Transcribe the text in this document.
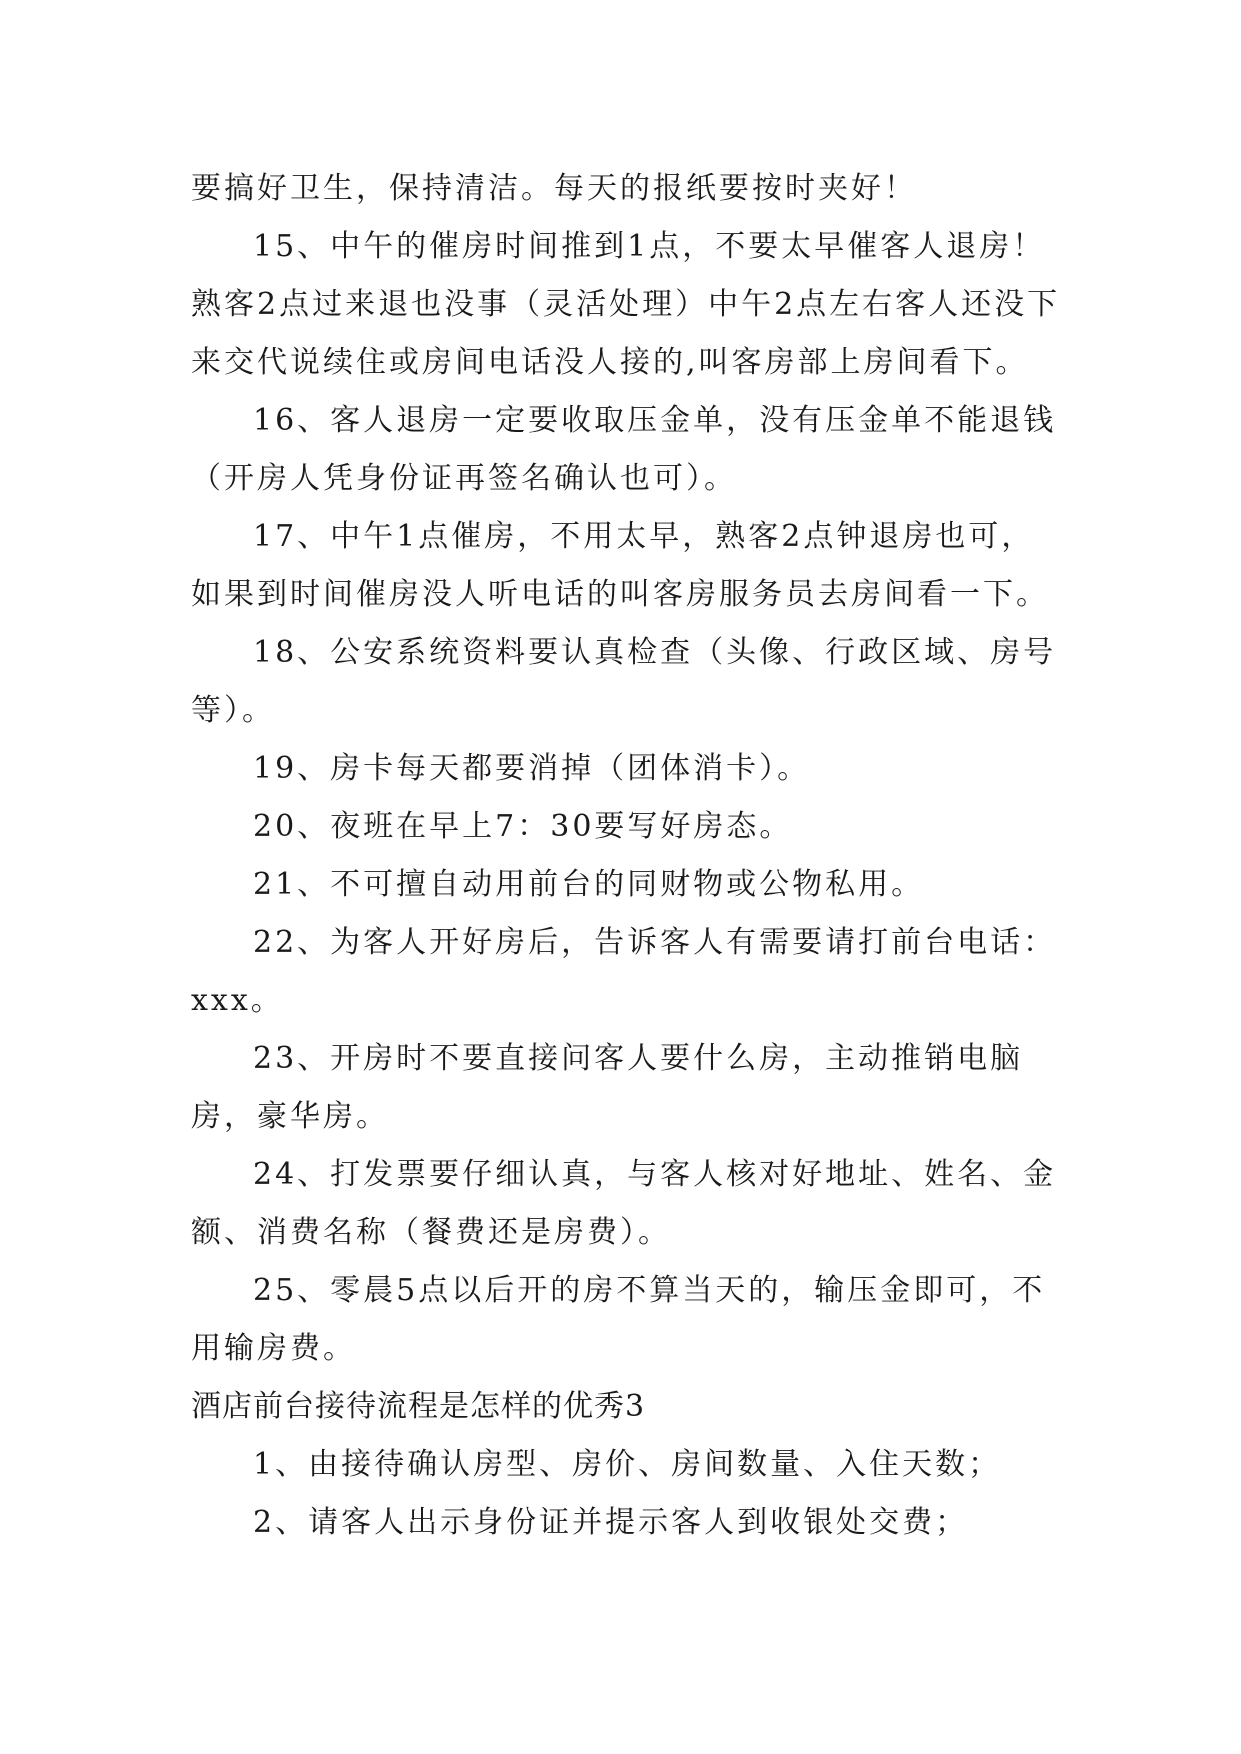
要搞好卫生，保持清洁。每天的报纸要按时夹好！

15、中午的催房时间推到1点，不要太早催客人退房！熟客2点过来退也没事（灵活处理）中午2点左右客人还没下来交代说续住或房间电话没人接的,叫客房部上房间看下。

16、客人退房一定要收取压金单，没有压金单不能退钱（开房人凭身份证再签名确认也可）。

17、中午1点催房，不用太早，熟客2点钟退房也可，如果到时间催房没人听电话的叫客房服务员去房间看一下。

18、公安系统资料要认真检查（头像、行政区域、房号等）。

19、房卡每天都要消掉（团体消卡）。

20、夜班在早上7：30要写好房态。

21、不可擅自动用前台的同财物或公物私用。

22、为客人开好房后，告诉客人有需要请打前台电话：xxx。

23、开房时不要直接问客人要什么房，主动推销电脑房，豪华房。

24、打发票要仔细认真，与客人核对好地址、姓名、金额、消费名称（餐费还是房费）。

25、零晨5点以后开的房不算当天的，输压金即可，不用输房费。

酒店前台接待流程是怎样的优秀3

1、由接待确认房型、房价、房间数量、入住天数；

2、请客人出示身份证并提示客人到收银处交费；
